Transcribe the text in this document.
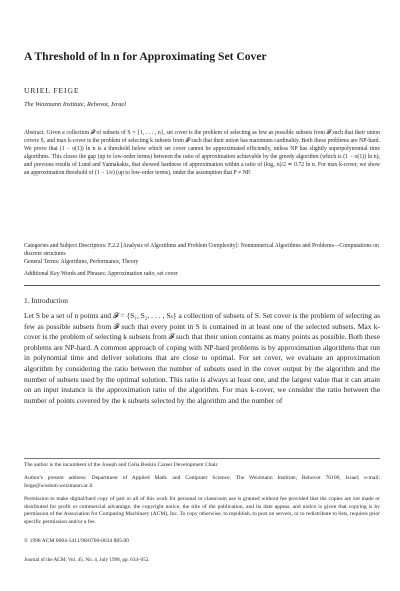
A Threshold of ln n for Approximating Set Cover
URIEL FEIGE
The Weizmann Institute, Rehovot, Israel
Abstract. Given a collection 𝓕 of subsets of S = {1, . . . , n}, set cover is the problem of selecting as few as possible subsets from 𝓕 such that their union covers S, and max k-cover is the problem of selecting k subsets from 𝓕 such that their union has maximum cardinality. Both these problems are NP-hard. We prove that (1 − o(1)) ln n is a threshold below which set cover cannot be approximated efficiently, unless NP has slightly superpolynomial time algorithms. This closes the gap (up to low-order terms) between the ratio of approximation achievable by the greedy algorithm (which is (1 − o(1)) ln n), and previous results of Lund and Yannakakis, that showed hardness of approximation within a ratio of (log₂ n)/2 ≃ 0.72 ln n. For max k-cover, we show an approximation threshold of (1 − 1/e) (up to low-order terms), under the assumption that P ≠ NP.
Categories and Subject Descriptors: F.2.2 [Analysis of Algorithms and Problem Complexity]: Nonnumerical Algorithms and Problems—Computations on discrete structures
General Terms: Algorithms, Performance, Theory
Additional Key Words and Phrases: Approximation ratio, set cover
1. Introduction
Let S be a set of n points and 𝓕 = {S₁, S₂, . . . , Sₛ} a collection of subsets of S. Set cover is the problem of selecting as few as possible subsets from 𝓕 such that every point in S is contained in at least one of the selected subsets. Max k-cover is the problem of selecting k subsets from 𝓕 such that their union contains as many points as possible. Both these problems are NP-hard. A common approach of coping with NP-hard problems is by approximation algorithms that run in polynomial time and deliver solutions that are close to optimal. For set cover, we evaluate an approximation algorithm by considering the ratio between the number of subsets used in the cover output by the algorithm and the number of subsets used by the optimal solution. This ratio is always at least one, and the largest value that it can attain on an input instance is the approximation ratio of the algorithm. For max k-cover, we consider the ratio between the number of points covered by the k subsets selected by the algorithm and the number of
The author is the incumbent of the Joseph and Celia Reskin Career Development Chair.
Author's present address: Department of Applied Math. and Computer Science, The Weizmann Institute, Rehovot 76100, Israel; e-mail: feige@wisdom.weizmann.ac.il
Permission to make digital/hard copy of part or all of this work for personal or classroom use is granted without fee provided that the copies are not made or distributed for profit or commercial advantage, the copyright notice, the title of the publication, and its date appear, and notice is given that copying is by permission of the Association for Computing Machinery (ACM), Inc. To copy otherwise, to republish, to post on servers, or to redistribute to lists, requires prior specific permission and/or a fee.
© 1998 ACM 0004-5411/98/0700-0634 $05.00
Journal of the ACM, Vol. 45, No. 4, July 1998, pp. 634–652.
